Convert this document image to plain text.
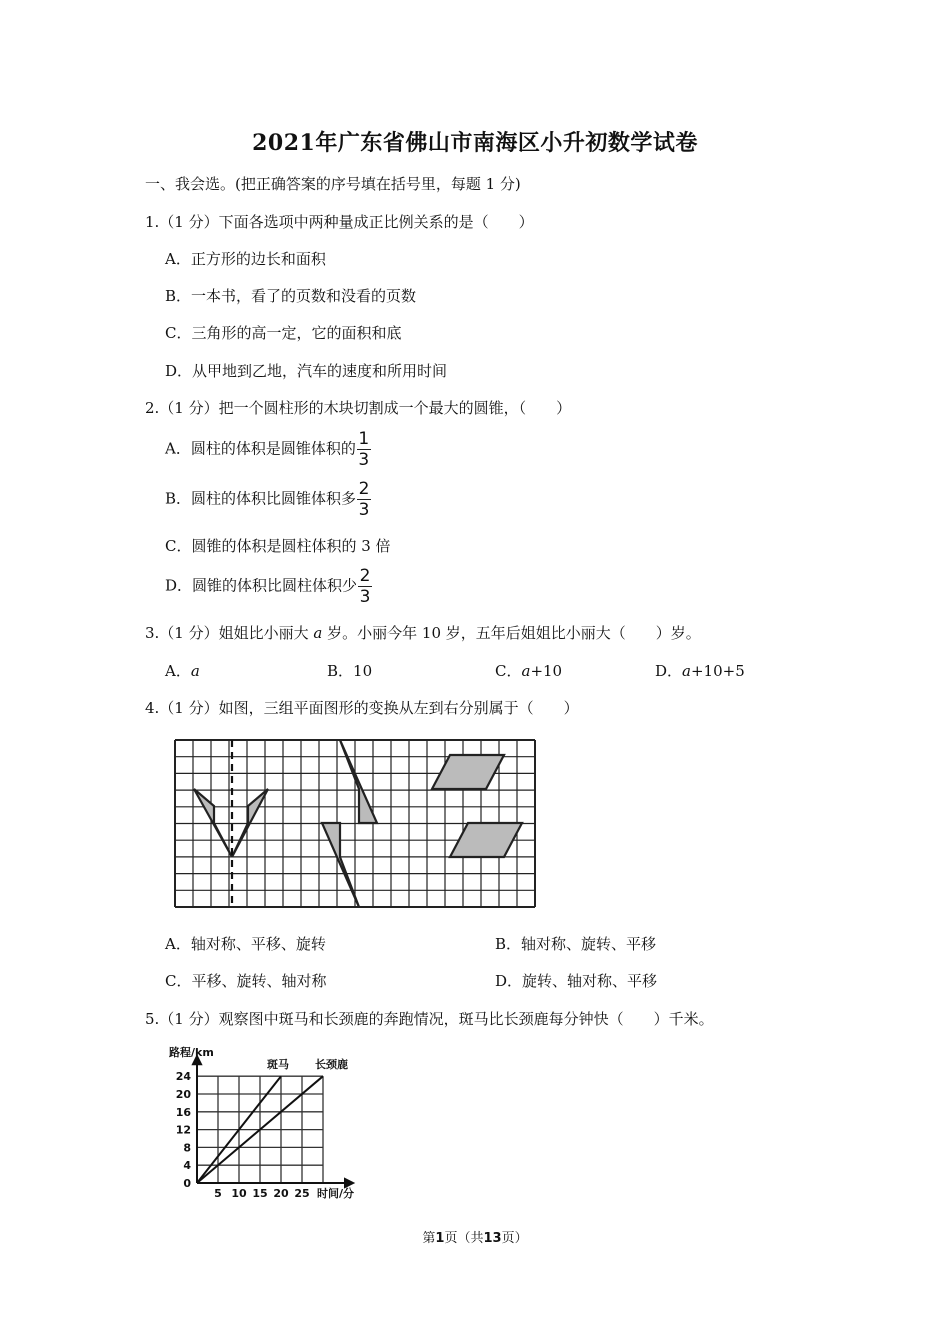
2021年广东省佛山市南海区小升初数学试卷
一、我会选。(把正确答案的序号填在括号里，每题 1 分)
1.（1 分）下面各选项中两种量成正比例关系的是（　　）
A．正方形的边长和面积
B．一本书，看了的页数和没看的页数
C．三角形的高一定，它的面积和底
D．从甲地到乙地，汽车的速度和所用时间
2.（1 分）把一个圆柱形的木块切割成一个最大的圆锥，（　　）
A．圆柱的体积是圆锥体积的 $\frac{1}{3}$
B．圆柱的体积比圆锥体积多 $\frac{2}{3}$
C．圆锥的体积是圆柱体积的 3 倍
D．圆锥的体积比圆柱体积少 $\frac{2}{3}$
3.（1 分）姐姐比小丽大 a 岁。小丽今年 10 岁，五年后姐姐比小丽大（　　）岁。
A．a	B．10	C．a+10	D．a+10+5
4.（1 分）如图，三组平面图形的变换从左到右分别属于（　　）
A．轴对称、平移、旋转	B．轴对称、旋转、平移
C．平移、旋转、轴对称	D．旋转、轴对称、平移
5.（1 分）观察图中斑马和长颈鹿的奔跑情况，斑马比长颈鹿每分钟快（　　）千米。
斑马 长颈鹿
5 10 15 20 25
24
20
16
12
8
4
0
路程/km
时间/分
第1页（共13页）
